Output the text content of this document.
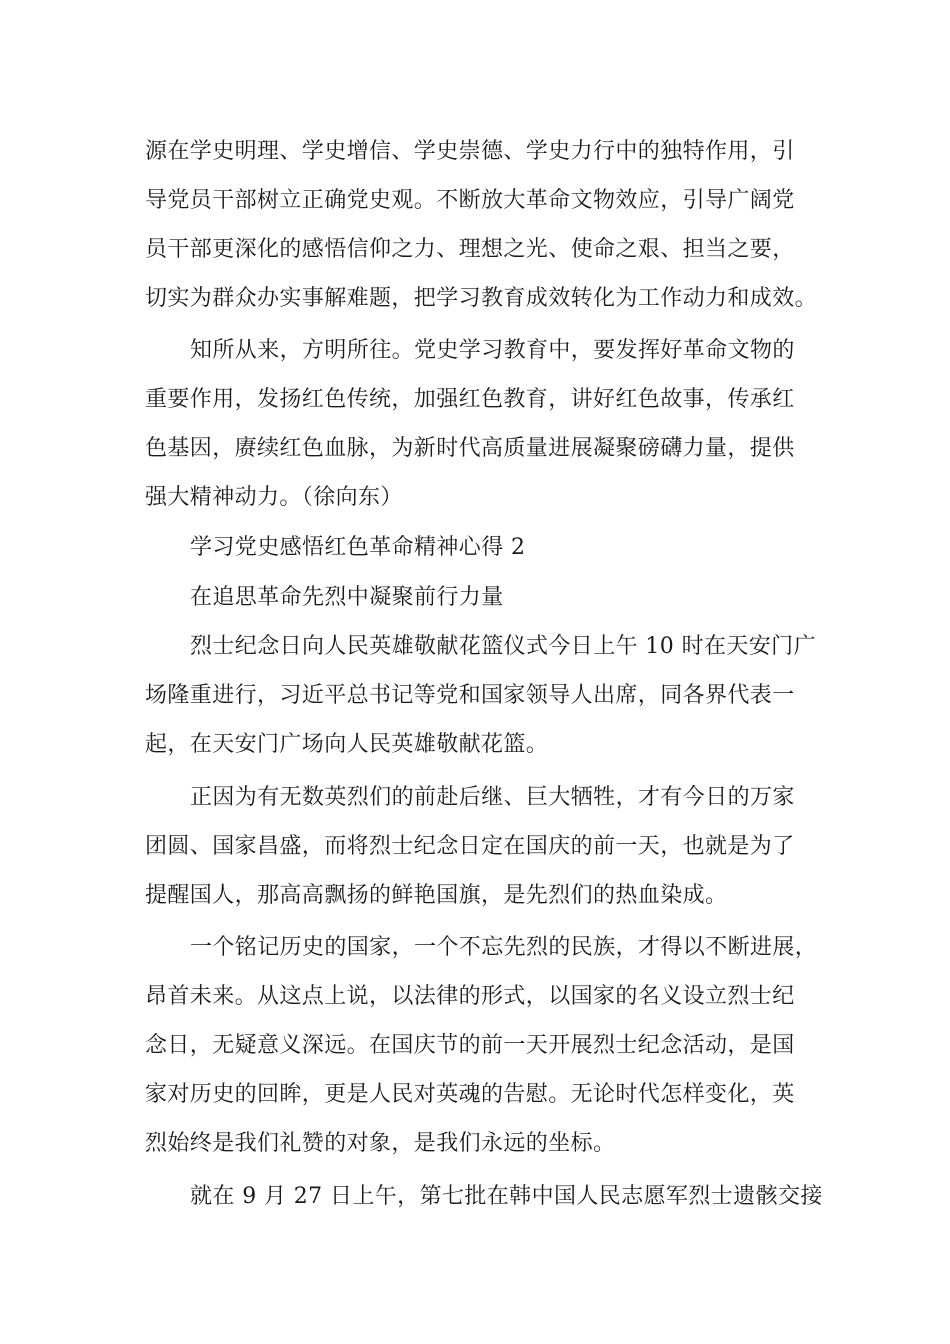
源在学史明理、学史增信、学史崇德、学史力行中的独特作用，引
导党员干部树立正确党史观。不断放大革命文物效应，引导广阔党
员干部更深化的感悟信仰之力、理想之光、使命之艰、担当之要，
切实为群众办实事解难题，把学习教育成效转化为工作动力和成效。
知所从来，方明所往。党史学习教育中，要发挥好革命文物的
重要作用，发扬红色传统，加强红色教育，讲好红色故事，传承红
色基因，赓续红色血脉，为新时代高质量进展凝聚磅礴力量，提供
强大精神动力。（徐向东）
学习党史感悟红色革命精神心得 2
在追思革命先烈中凝聚前行力量
烈士纪念日向人民英雄敬献花篮仪式今日上午 10 时在天安门广
场隆重进行，习近平总书记等党和国家领导人出席，同各界代表一
起，在天安门广场向人民英雄敬献花篮。
正因为有无数英烈们的前赴后继、巨大牺牲，才有今日的万家
团圆、国家昌盛，而将烈士纪念日定在国庆的前一天，也就是为了
提醒国人，那高高飘扬的鲜艳国旗，是先烈们的热血染成。
一个铭记历史的国家，一个不忘先烈的民族，才得以不断进展，
昂首未来。从这点上说，以法律的形式，以国家的名义设立烈士纪
念日，无疑意义深远。在国庆节的前一天开展烈士纪念活动，是国
家对历史的回眸，更是人民对英魂的告慰。无论时代怎样变化，英
烈始终是我们礼赞的对象，是我们永远的坐标。
就在 9 月 27 日上午，第七批在韩中国人民志愿军烈士遗骸交接
